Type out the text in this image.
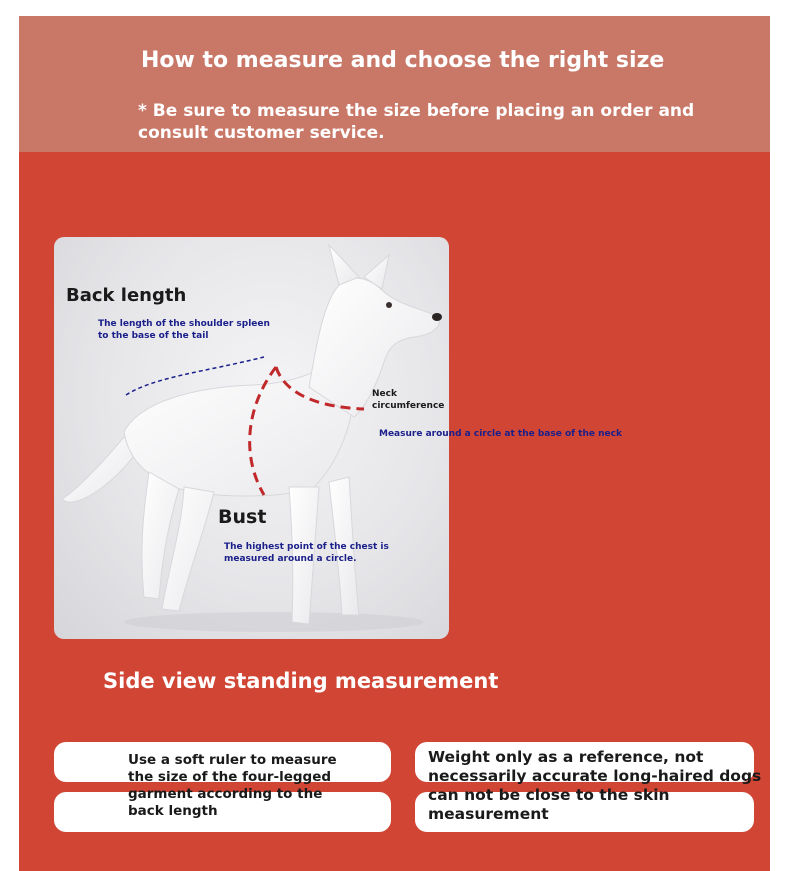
How to measure and choose the right size
* Be sure to measure the size before placing an order and consult customer service.
Back length
The length of the shoulder spleen to the base of the tail
Neck circumference
Measure around a circle at the base of the neck
Bust
The highest point of the chest is measured around a circle.
Side view standing measurement
Use a soft ruler to measure
the size of the four-legged
garment according to the
back length
Weight only as a reference, not
necessarily accurate long-haired dogs
can not be close to the skin
measurement
